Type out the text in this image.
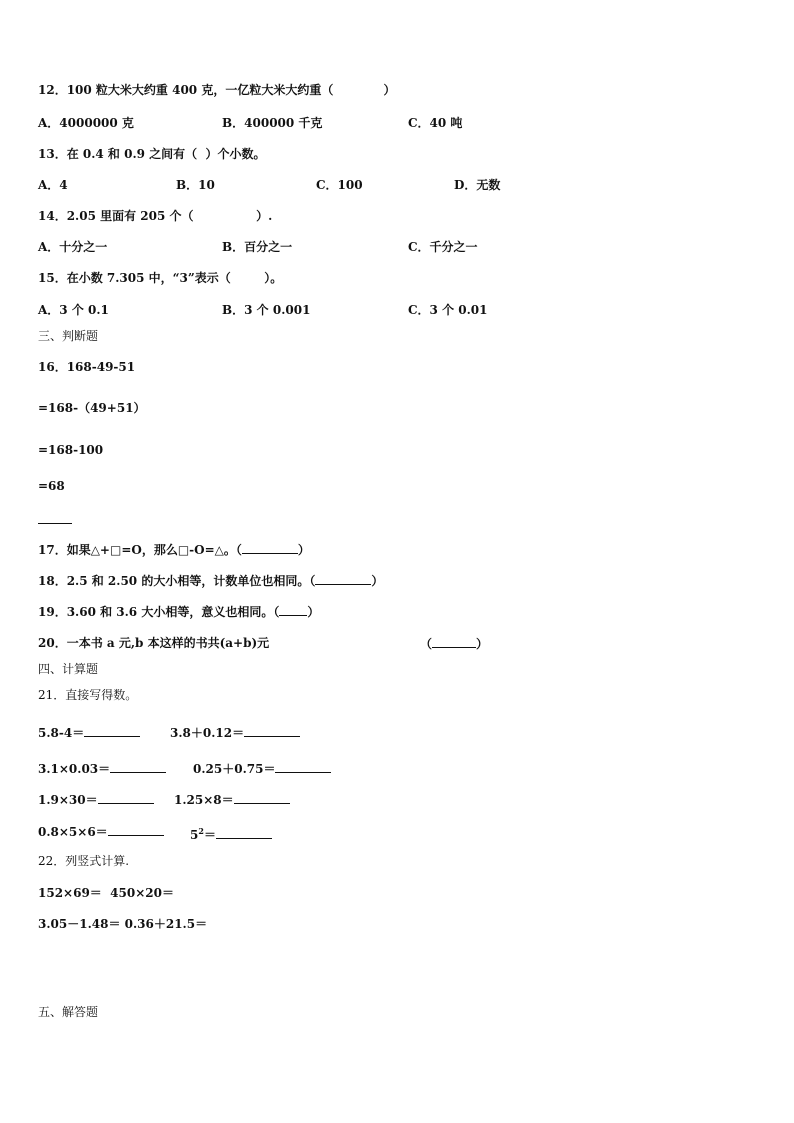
12．100 粒大米大约重 400 克，一亿粒大米大约重（            ）
A．4000000 克	B．400000 千克	C．40 吨
13．在 0.4 和 0.9 之间有（  ）个小数。
A．4	B．10	C．100	D．无数
14．2.05 里面有 205 个（               ）.
A．十分之一	B．百分之一	C．千分之一
15．在小数 7.305 中，“3”表示（        ）。
A．3 个 0.1	B．3 个 0.001	C．3 个 0.01
三、判断题
16．168-49-51
=168-（49+51）
=168-100
=68
17．如果△+□=O，那么□-O=△。（	）
18．2.5 和 2.50 的大小相等，计数单位也相同。（	）
19．3.60 和 3.6 大小相等，意义也相同。（ ）
20．一本书 a 元,b 本这样的书共(a+b)元	（	）
四、计算题
21．直接写得数。
5.8-4＝	3.8＋0.12＝
3.1×0.03＝	0.25＋0.75＝
1.9×30＝	1.25×8＝
0.8×5×6＝	$5^2=$
22．列竖式计算.
152×69＝  450×20＝
3.05－1.48＝ 0.36＋21.5＝
五、解答题
